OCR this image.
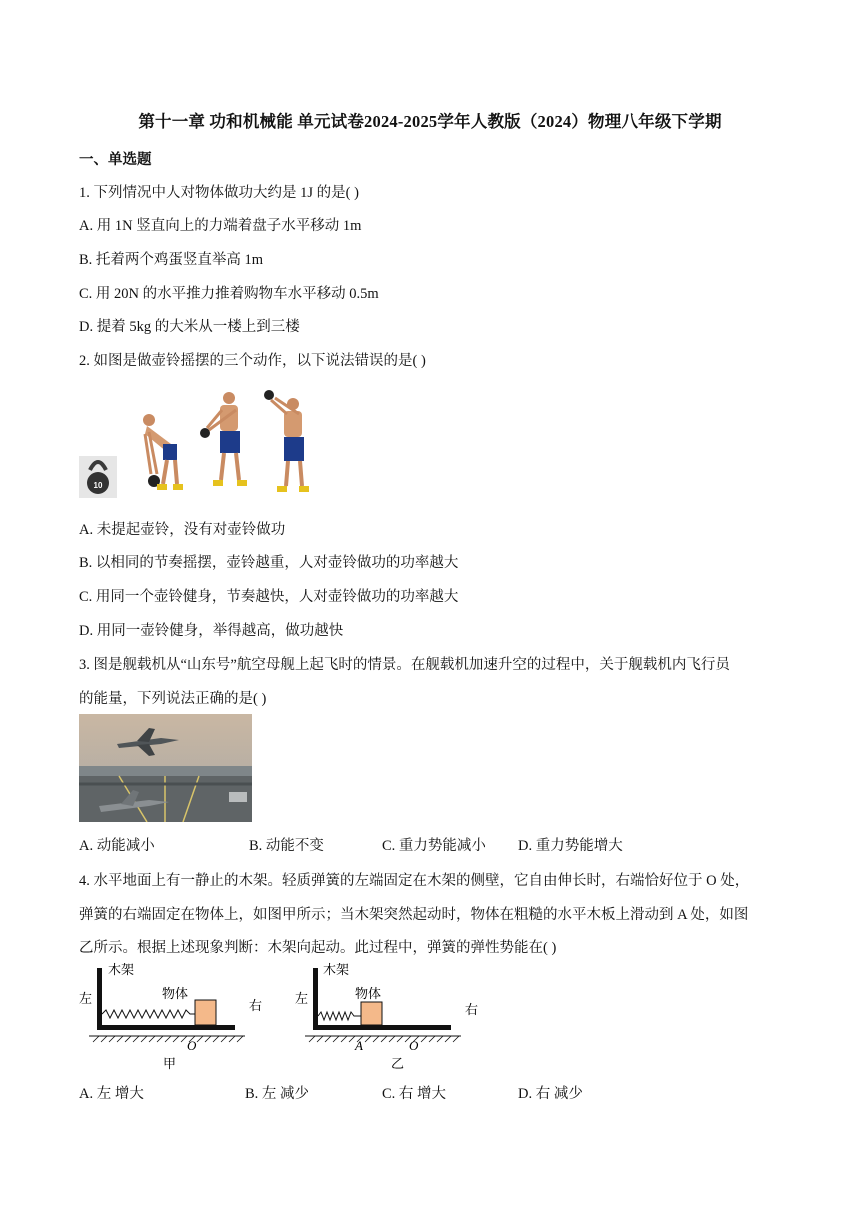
第十一章 功和机械能 单元试卷2024-2025学年人教版（2024）物理八年级下学期
一、单选题
1. 下列情况中人对物体做功大约是 1J 的是( )
A. 用 1N 竖直向上的力端着盘子水平移动 1m
B. 托着两个鸡蛋竖直举高 1m
C. 用 20N 的水平推力推着购物车水平移动 0.5m
D. 提着 5kg 的大米从一楼上到三楼
2. 如图是做壶铃摇摆的三个动作，以下说法错误的是( )
10
A. 未提起壶铃，没有对壶铃做功
B. 以相同的节奏摇摆，壶铃越重，人对壶铃做功的功率越大
C. 用同一个壶铃健身，节奏越快，人对壶铃做功的功率越大
D. 用同一壶铃健身，举得越高，做功越快
3. 图是舰载机从“山东号”航空母舰上起飞时的情景。在舰载机加速升空的过程中，关于舰载机内飞行员
的能量，下列说法正确的是( )
A. 动能减小	B. 动能不变	C. 重力势能减小 D. 重力势能增大
4. 水平地面上有一静止的木架。轻质弹簧的左端固定在木架的侧壁，它自由伸长时，右端恰好位于 O 处，
弹簧的右端固定在物体上，如图甲所示；当木架突然起动时，物体在粗糙的水平木板上滑动到 A 处，如图
乙所示。根据上述现象判断：木架向起动。此过程中，弹簧的弹性势能在( )
木架
左	右
物体
O
甲
木架
左
右
物体
A	O
乙
A. 左 增大	B. 左 减少	C. 右 增大	D. 右 减少
